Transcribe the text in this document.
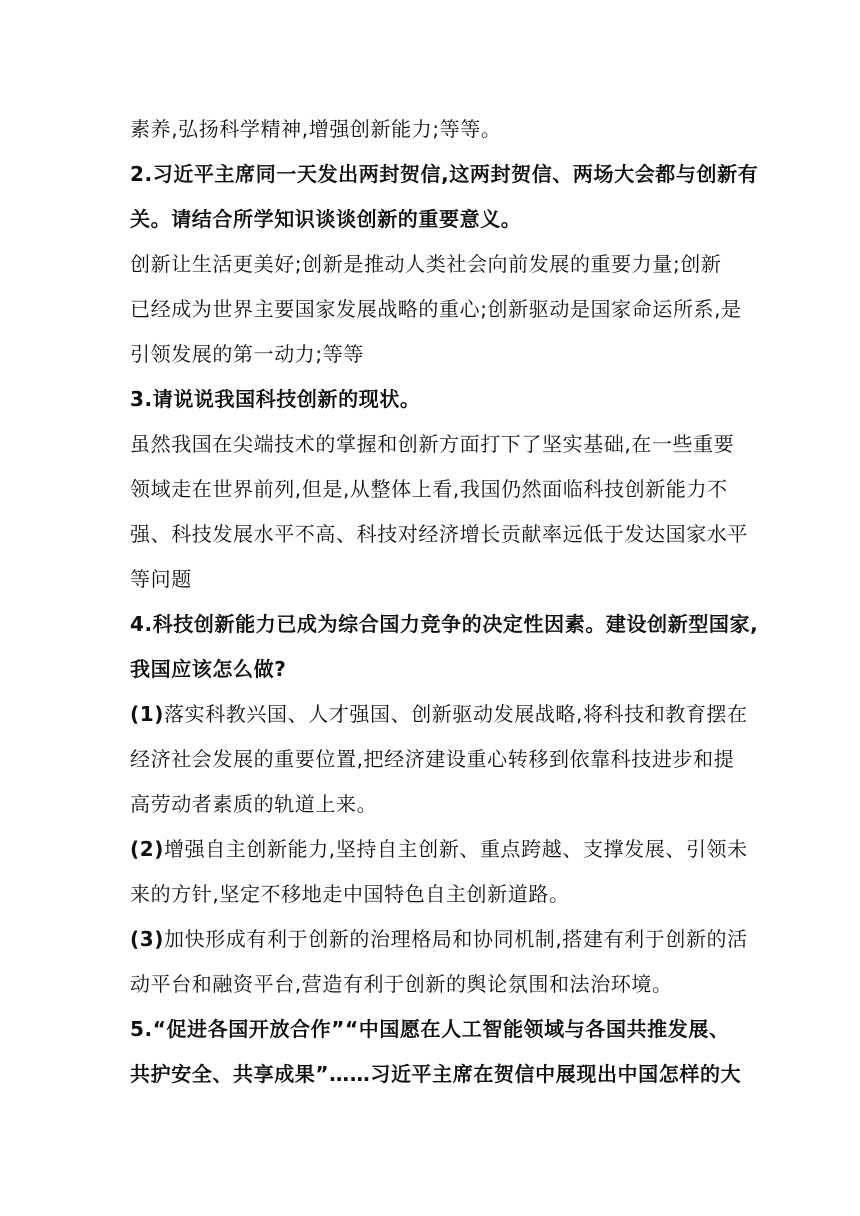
素养,弘扬科学精神,增强创新能力;等等。
2.习近平主席同一天发出两封贺信,这两封贺信、两场大会都与创新有
关。请结合所学知识谈谈创新的重要意义。
创新让生活更美好;创新是推动人类社会向前发展的重要力量;创新
已经成为世界主要国家发展战略的重心;创新驱动是国家命运所系,是
引领发展的第一动力;等等
3.请说说我国科技创新的现状。
虽然我国在尖端技术的掌握和创新方面打下了坚实基础,在一些重要
领域走在世界前列,但是,从整体上看,我国仍然面临科技创新能力不
强、科技发展水平不高、科技对经济增长贡献率远低于发达国家水平
等问题
4.科技创新能力已成为综合国力竞争的决定性因素。建设创新型国家,
我国应该怎么做?
(1)落实科教兴国、人才强国、创新驱动发展战略,将科技和教育摆在
经济社会发展的重要位置,把经济建设重心转移到依靠科技进步和提
高劳动者素质的轨道上来。
(2)增强自主创新能力,坚持自主创新、重点跨越、支撑发展、引领未
来的方针,坚定不移地走中国特色自主创新道路。
(3)加快形成有利于创新的治理格局和协同机制,搭建有利于创新的活
动平台和融资平台,营造有利于创新的舆论氛围和法治环境。
5.“促进各国开放合作”“中国愿在人工智能领域与各国共推发展、
共护安全、共享成果”……习近平主席在贺信中展现出中国怎样的大
